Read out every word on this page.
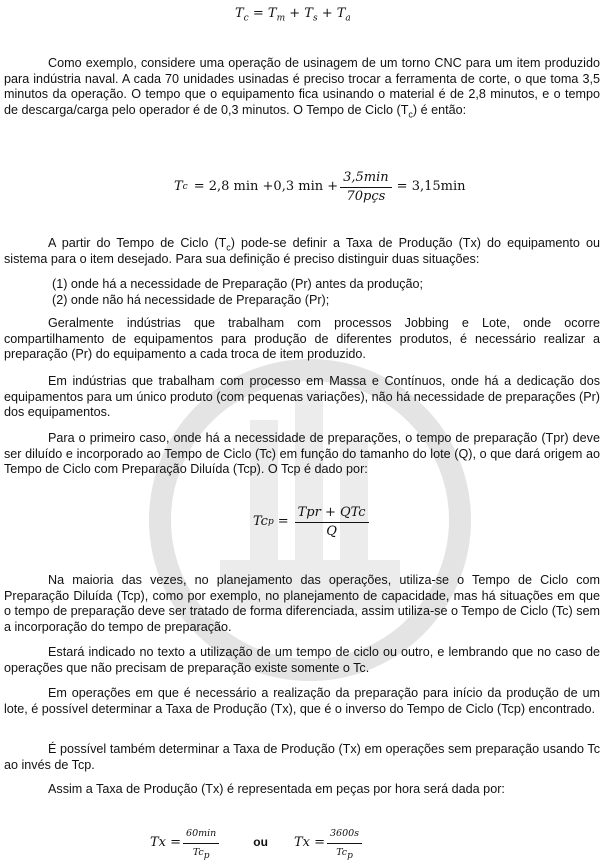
$T_c = T_m + T_s + T_a$

Como exemplo, considere uma operação de usinagem de um torno CNC para um item produzido para indústria naval. A cada 70 unidades usinadas é preciso trocar a ferramenta de corte, o que toma 3,5 minutos da operação. O tempo que o equipamento fica usinando o material é de 2,8 minutos, e o tempo de descarga/carga pelo operador é de 0,3 minutos. O Tempo de Ciclo $(T_c)$ é então:

T c = 2,8 min +0,3 $\min + \frac{3,5\min}{\text{70pçs}} = 3,15\min$

A partir do Tempo de Ciclo $(T_c)$ pode-se definir a Taxa de Produção (Tx) do equipamento ou sistema para o item desejado. Para sua definição é preciso distinguir duas situações:

(1) onde há a necessidade de Preparação (Pr) antes da produção;

(2) onde não há necessidade de Preparação (Pr);

Geralmente indústrias que trabalham com processos Jobbing e Lote, onde ocorre compartilhamento de equipamentos para produção de diferentes produtos, é necessário realizar a preparação (Pr) do equipamento a cada troca de item produzido.

Em indústrias que trabalham com processo em Massa e Contínuos, onde há a dedicação dos equipamentos para um único produto (com pequenas variações), não há necessidade de preparações (Pr) dos equipamentos.

Para o primeiro caso, onde há a necessidade de preparações, o tempo de preparação (Tpr) deve ser diluído e incorporado ao Tempo de Ciclo (Tc) em função do tamanho do lote (Q), o que dará origem ao Tempo de Ciclo com Preparação Diluída (Tcp). O Tcp é dado por:

Tc $p = \frac{\text{Tpr + QTc}}{Q}$

Na maioria das vezes, no planejamento das operações, utiliza-se o Tempo de Ciclo com Preparação Diluída (Tcp), como por exemplo, no planejamento de capacidade, mas há situações em que o tempo de preparação deve ser tratado de forma diferenciada, assim utiliza-se o Tempo de Ciclo (Tc) sem a incorporação do tempo de preparação.

Estará indicado no texto a utilização de um tempo de ciclo ou outro, e lembrando que no caso de operações que não precisam de preparação existe somente o Tc.

Em operações em que é necessário a realização da preparação para início da produção de um lote, é possível determinar a Taxa de Produção (Tx), que é o inverso do Tempo de Ciclo (Tcp) encontrado.

É possível também determinar a Taxa de Produção (Tx) em operações sem preparação usando Tc ao invés de Tcp.

Assim a Taxa de Produção (Tx) é representada em peças por hora será dada por:

$Tx = \frac{60\min}{Tc_p}$	ou $Tx = \frac{3600s}{Tc_p}$
